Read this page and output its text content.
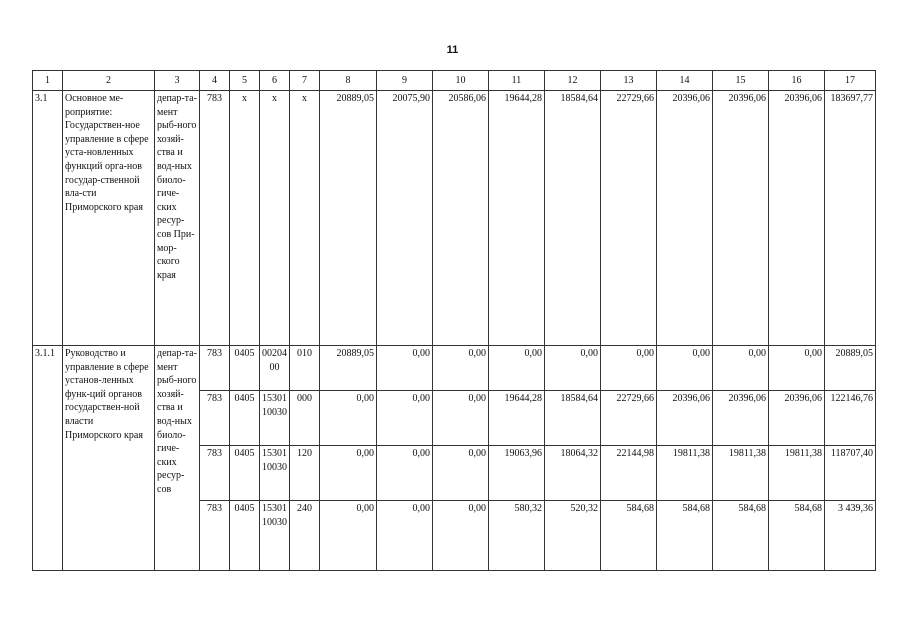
11
1	2	3	4	5	6	7	8	9	10	11	12	13	14	15	16	17
3.1	Основное ме-роприятие: Государствен-ное управление в сфере уста-новленных функций орга-нов государ-ственной вла-сти Приморского края	депар-та-мент рыб-ного хозяй-ства и вод-ных биоло-гиче-ских ресур-сов При-мор-ского края	783	х	х	х	20889,05	20075,90	20586,06	19644,28	18584,64	22729,66	20396,06	20396,06	20396,06	183697,77
3.1.1	Руководство и управление в сфере установ-ленных функ-ций органов государствен-ной власти Приморского края	депар-та-мент рыб-ного хозяй-ства и вод-ных биоло-гиче-ских ресур-сов	783	0405	0020400	010	20889,05	0,00	0,00	0,00	0,00	0,00	0,00	0,00	0,00	20889,05
			783	0405	1530110030	000	0,00	0,00	0,00	19644,28	18584,64	22729,66	20396,06	20396,06	20396,06	122146,76
			783	0405	1530110030	120	0,00	0,00	0,00	19063,96	18064,32	22144,98	19811,38	19811,38	19811,38	118707,40
			783	0405	1530110030	240	0,00	0,00	0,00	580,32	520,32	584,68	584,68	584,68	584,68	3 439,36
